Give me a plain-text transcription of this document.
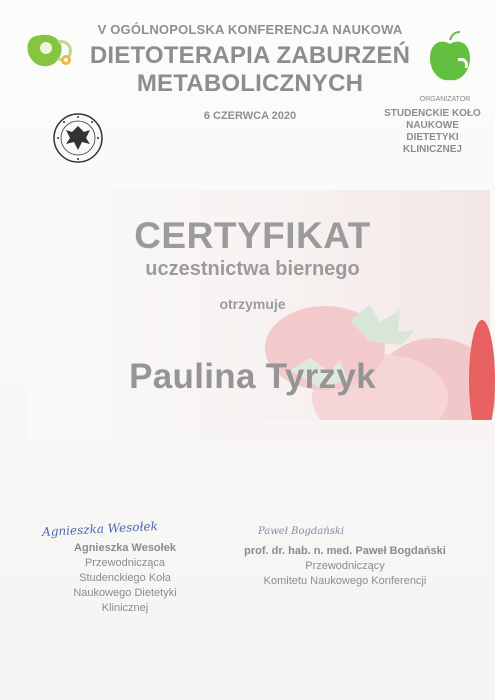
V OGÓLNOPOLSKA KONFERENCJA NAUKOWA
DIETOTERAPIA ZABURZEŃ
METABOLICZNYCH
6 CZERWCA 2020
ORGANIZATOR
STUDENCKIE KOŁO
NAUKOWE
DIETETYKI
KLINICZNEJ
CERTYFIKAT
uczestnictwa biernego
otrzymuje
Paulina Tyrzyk
Agnieszka Wesołek	Paweł Bogdański
Agnieszka Wesołek
Przewodnicząca
Studenckiego Koła
Naukowego Dietetyki
Klinicznej
prof. dr. hab. n. med. Paweł Bogdański
Przewodniczący
Komitetu Naukowego Konferencji
